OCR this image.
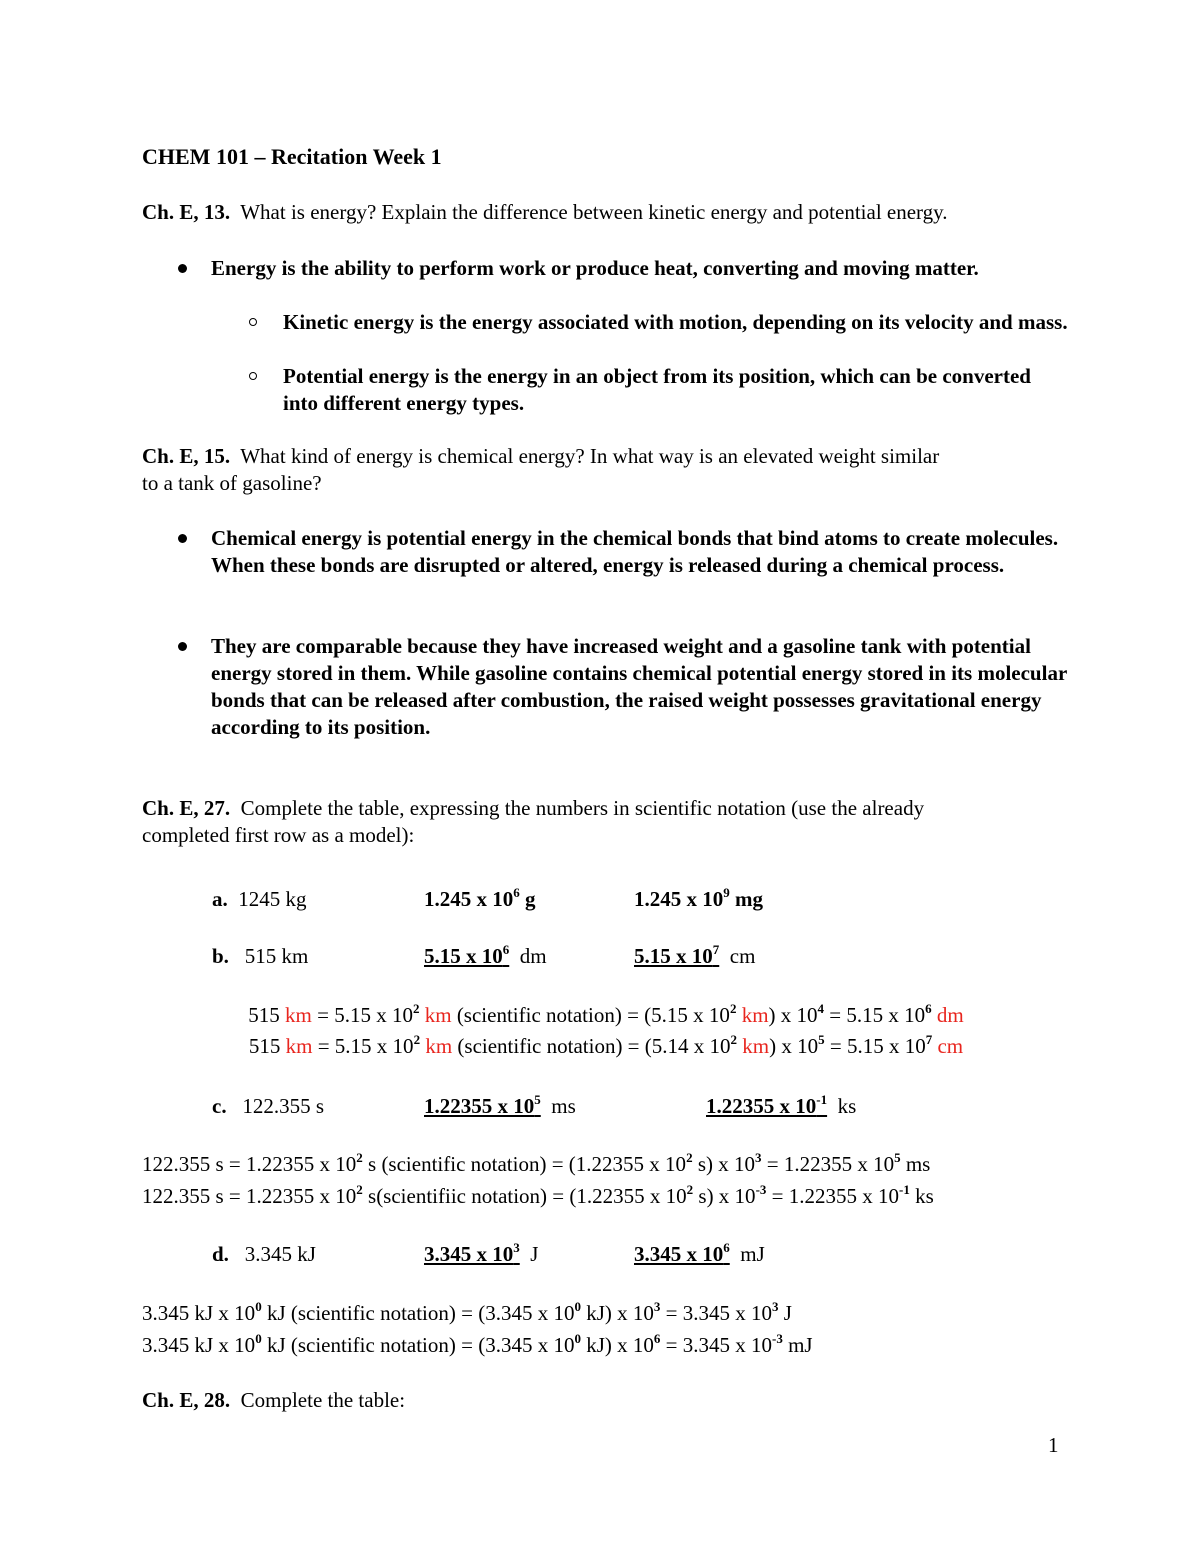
CHEM 101 – Recitation Week 1
Ch. E, 13. What is energy? Explain the difference between kinetic energy and potential energy.
Energy is the ability to perform work or produce heat, converting and moving matter.
Kinetic energy is the energy associated with motion, depending on its velocity and mass.
Potential energy is the energy in an object from its position, which can be converted into different energy types.
Ch. E, 15. What kind of energy is chemical energy? In what way is an elevated weight similar
to a tank of gasoline?
Chemical energy is potential energy in the chemical bonds that bind atoms to create molecules. When these bonds are disrupted or altered, energy is released during a chemical process.
They are comparable because they have increased weight and a gasoline tank with potential energy stored in them. While gasoline contains chemical potential energy stored in its molecular bonds that can be released after combustion, the raised weight possesses gravitational energy according to its position.
Ch. E, 27. Complete the table, expressing the numbers in scientific notation (use the already
completed first row as a model):
a. 1245 kg	1.245 x $10^6$ g	1.245 x $10^9$ mg
b. 515 km	5.15 x $10^6$ dm	5.15 x $10^7$ cm
515 km = 5.15 x $10^2$ km (scientific notation) = (5.15 x $10^2$ km) x $10^4 = 5.15$ x $10^6$ dm
515 km = 5.15 x $10^2$ km (scientific notation) = (5.14 x $10^2$ km) x $10^5 = 5.15$ x $10^7$ cm
c. 122.355 s	1.22355 x $10^5$ ms	1.22355 x $10^{-1}$ ks
122.355 s = 1.22355 x $10^2$ s (scientific notation) = (1.22355 x $10^2$ s) x $10^3 = 1.22355$ x $10^5$ ms
122.355 s = 1.22355 x $10^2$ s(scientifiic notation) = (1.22355 x $10^2$ s) x $10^{-3} = 1.22355$ x $10^{-1}$ ks
d. 3.345 kJ	3.345 x $10^3$ J	3.345 x $10^6$ mJ
3.345 kJ x $10^0$ kJ (scientific notation) = (3.345 x $10^0$ kJ) x $10^3 = 3.345$ x $10^3$ J
3.345 kJ x $10^0$ kJ (scientific notation) = (3.345 x $10^0$ kJ) x $10^6 = 3.345$ x $10^{-3}$ mJ
Ch. E, 28. Complete the table:
1
